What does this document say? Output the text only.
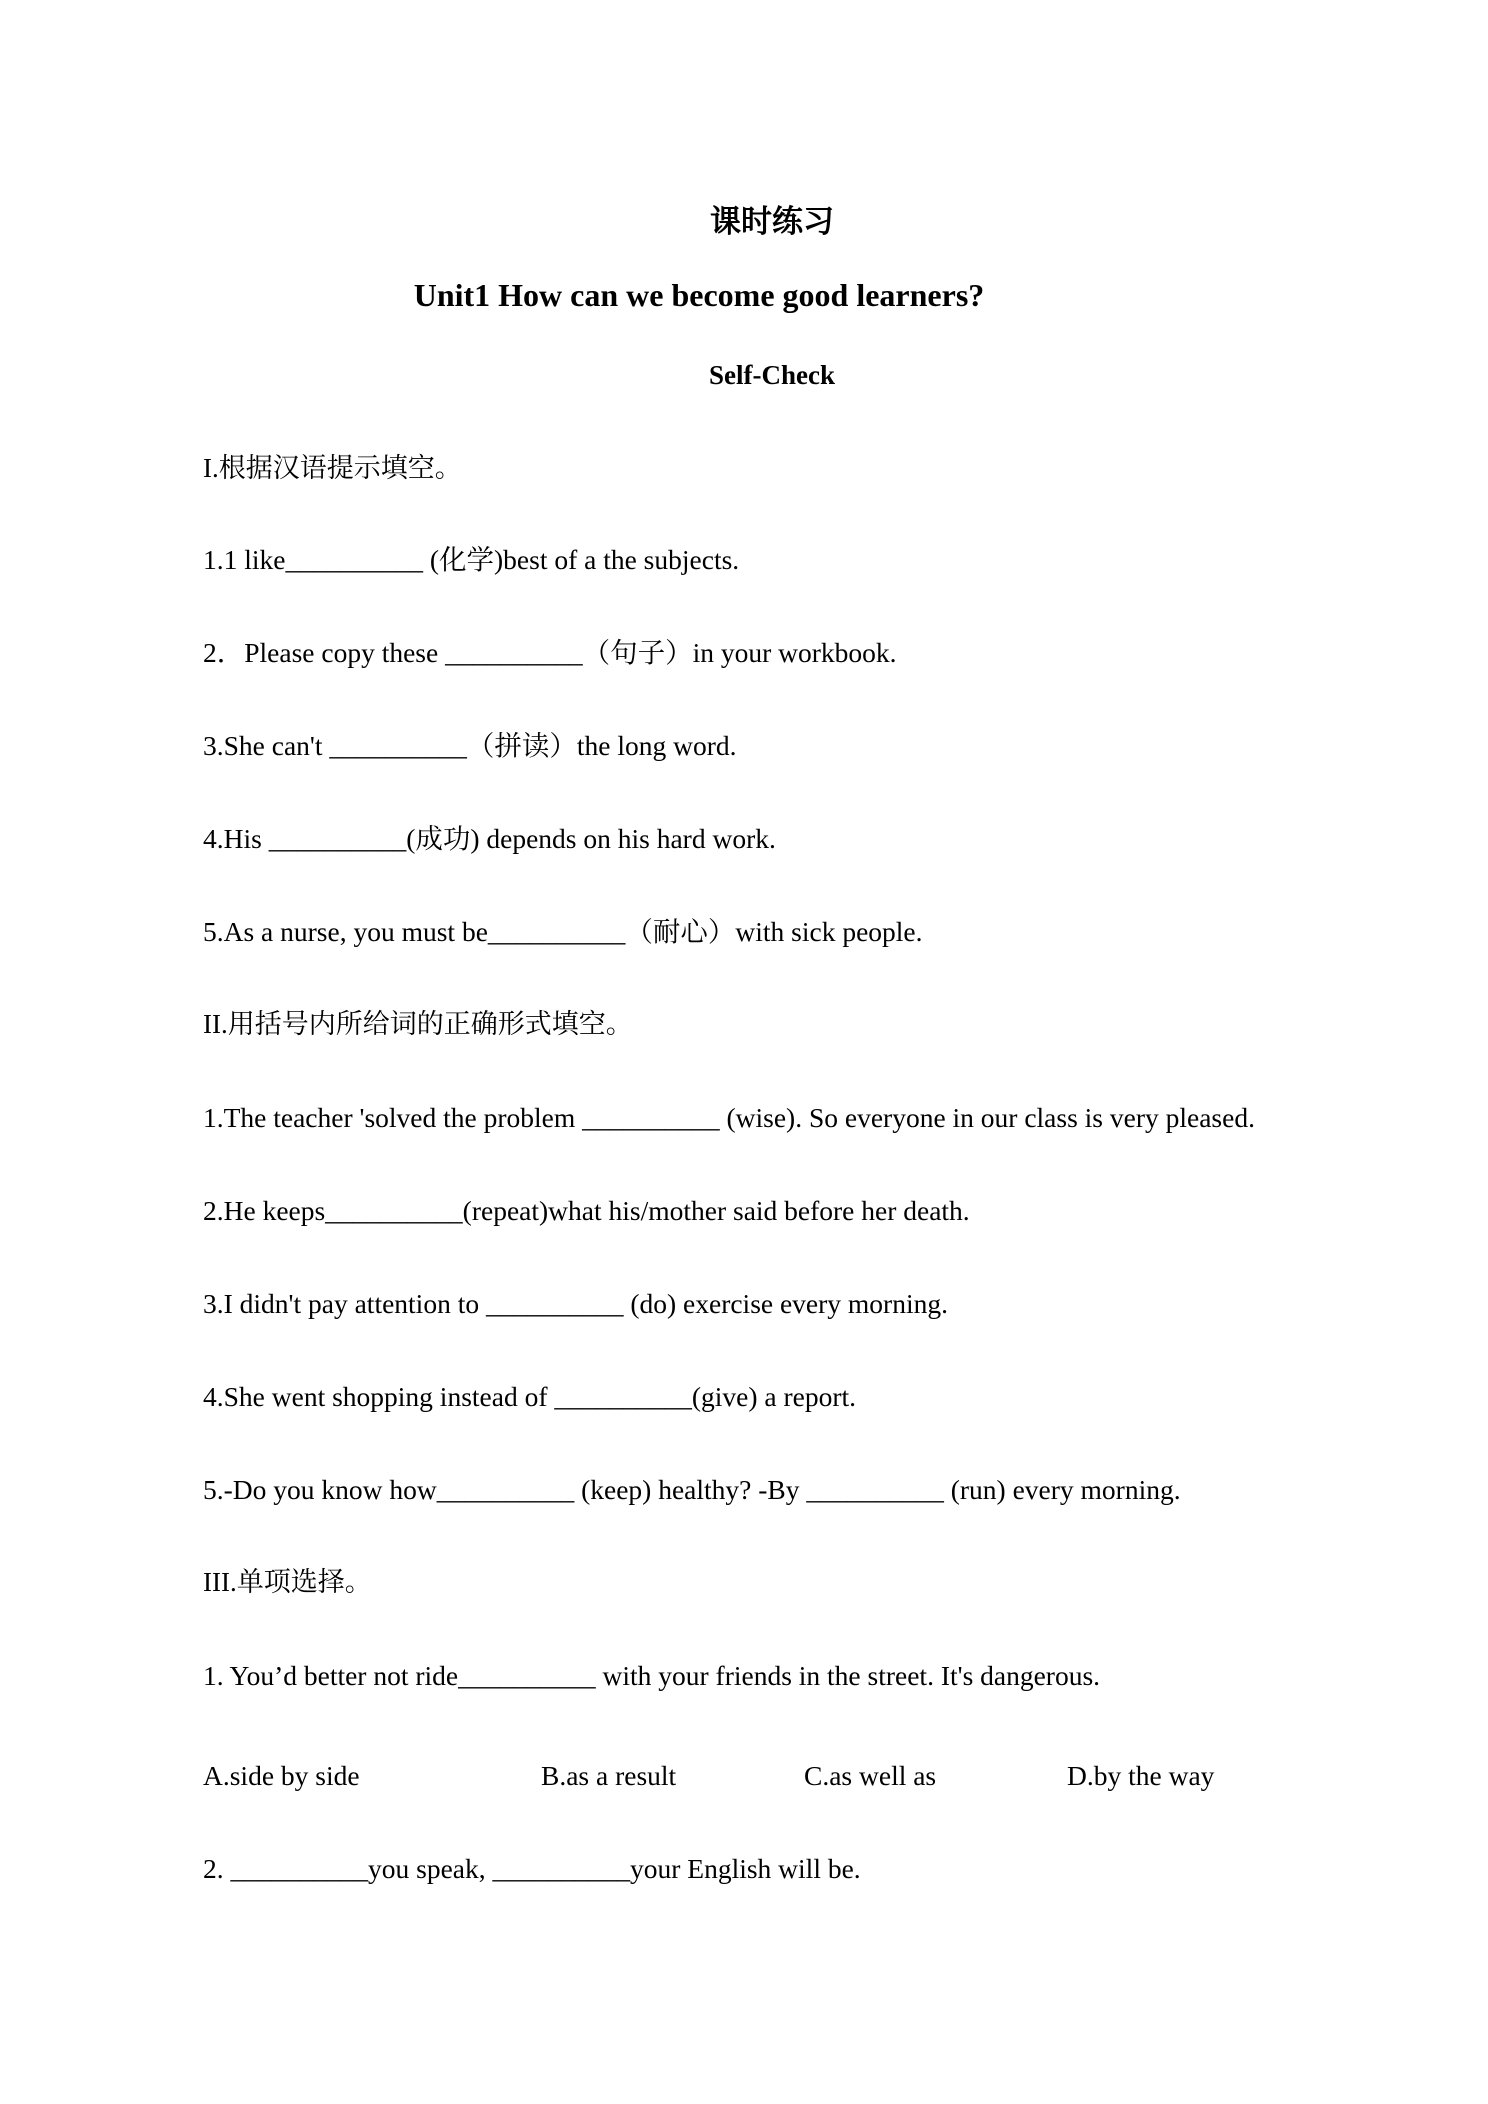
课时练习
Unit1 How can we become good learners?
Self-Check
I.根据汉语提示填空。
1.1 like__________ (化学)best of a the subjects.
2．Please copy these __________（句子）in your workbook.
3.She can't __________（拼读）the long word.
4.His __________(成功) depends on his hard work.
5.As a nurse, you must be__________（耐心）with sick people.
II.用括号内所给词的正确形式填空。
1.The teacher 'solved the problem __________ (wise). So everyone in our class is very pleased.
2.He keeps__________(repeat)what his/mother said before her death.
3.I didn't pay attention to __________ (do) exercise every morning.
4.She went shopping instead of __________(give) a report.
5.-Do you know how__________ (keep) healthy? -By __________ (run) every morning.
III.单项选择。
1. You’d better not ride__________ with your friends in the street. It's dangerous.
A.side by side	B.as a result	C.as well as	D.by the way
2. __________you speak, __________your English will be.
